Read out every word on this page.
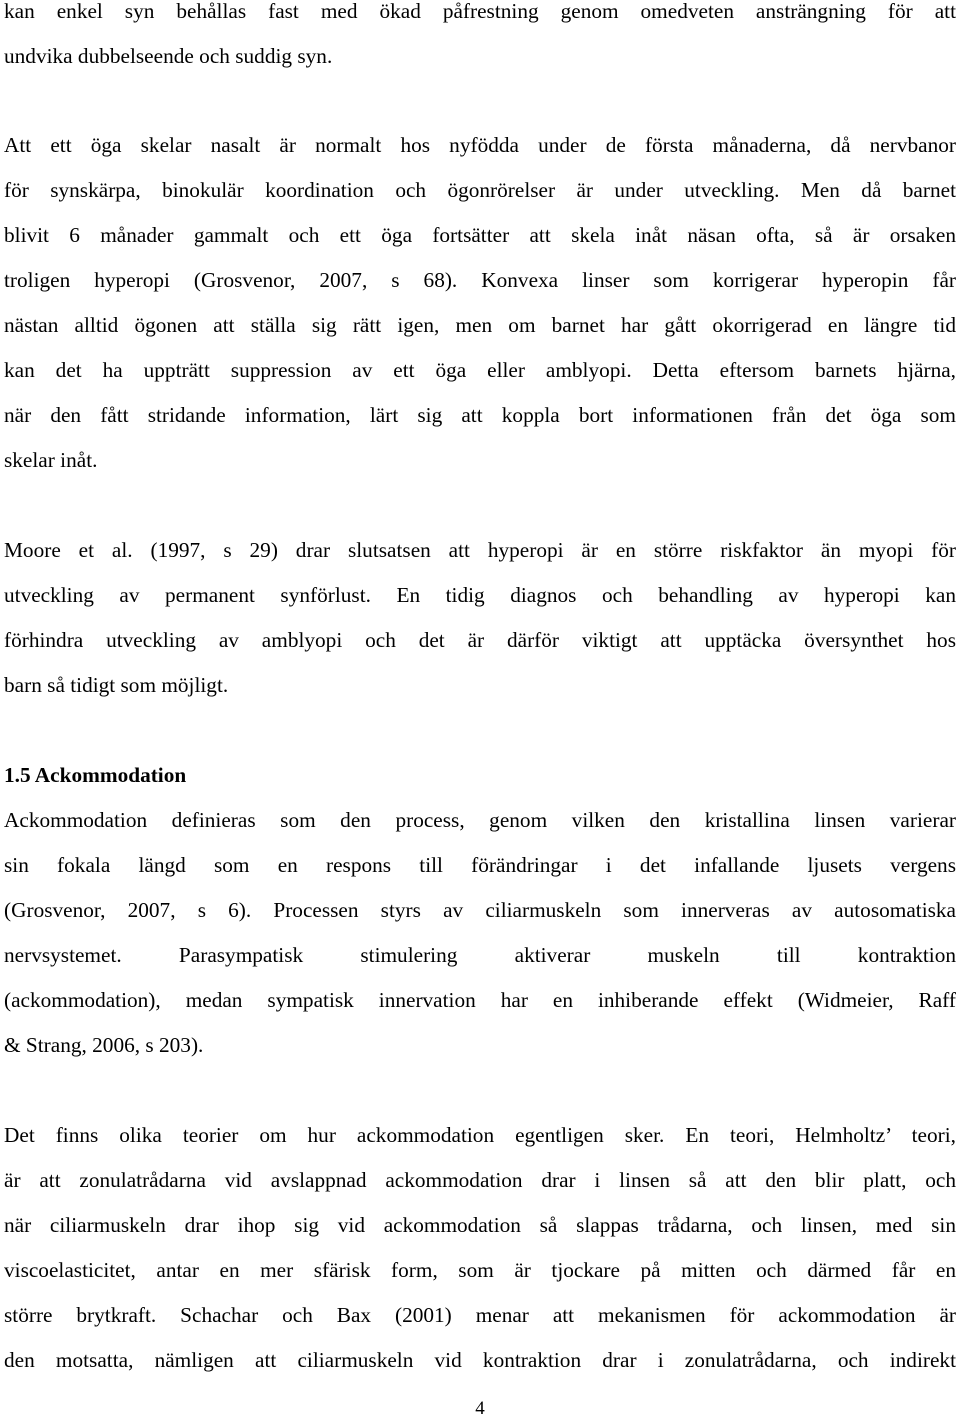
kan enkel syn behållas fast med ökad påfrestning genom omedveten ansträngning för att
undvika dubbelseende och suddig syn.
Att ett öga skelar nasalt är normalt hos nyfödda under de första månaderna, då nervbanor
för synskärpa, binokulär koordination och ögonrörelser är under utveckling. Men då barnet
blivit 6 månader gammalt och ett öga fortsätter att skela inåt näsan ofta, så är orsaken
troligen hyperopi (Grosvenor, 2007, s 68). Konvexa linser som korrigerar hyperopin får
nästan alltid ögonen att ställa sig rätt igen, men om barnet har gått okorrigerad en längre tid
kan det ha uppträtt suppression av ett öga eller amblyopi. Detta eftersom barnets hjärna,
när den fått stridande information, lärt sig att koppla bort informationen från det öga som
skelar inåt.
Moore et al. (1997, s 29) drar slutsatsen att hyperopi är en större riskfaktor än myopi för
utveckling av permanent synförlust. En tidig diagnos och behandling av hyperopi kan
förhindra utveckling av amblyopi och det är därför viktigt att upptäcka översynthet hos
barn så tidigt som möjligt.
1.5 Ackommodation
Ackommodation definieras som den process, genom vilken den kristallina linsen varierar
sin fokala längd som en respons till förändringar i det infallande ljusets vergens
(Grosvenor, 2007, s 6). Processen styrs av ciliarmuskeln som innerveras av autosomatiska
nervsystemet. Parasympatisk stimulering aktiverar muskeln till kontraktion
(ackommodation), medan sympatisk innervation har en inhiberande effekt (Widmeier, Raff
& Strang, 2006, s 203).
Det finns olika teorier om hur ackommodation egentligen sker. En teori, Helmholtz’ teori,
är att zonulatrådarna vid avslappnad ackommodation drar i linsen så att den blir platt, och
när ciliarmuskeln drar ihop sig vid ackommodation så slappas trådarna, och linsen, med sin
viscoelasticitet, antar en mer sfärisk form, som är tjockare på mitten och därmed får en
större brytkraft. Schachar och Bax (2001) menar att mekanismen för ackommodation är
den motsatta, nämligen att ciliarmuskeln vid kontraktion drar i zonulatrådarna, och indirekt
4
